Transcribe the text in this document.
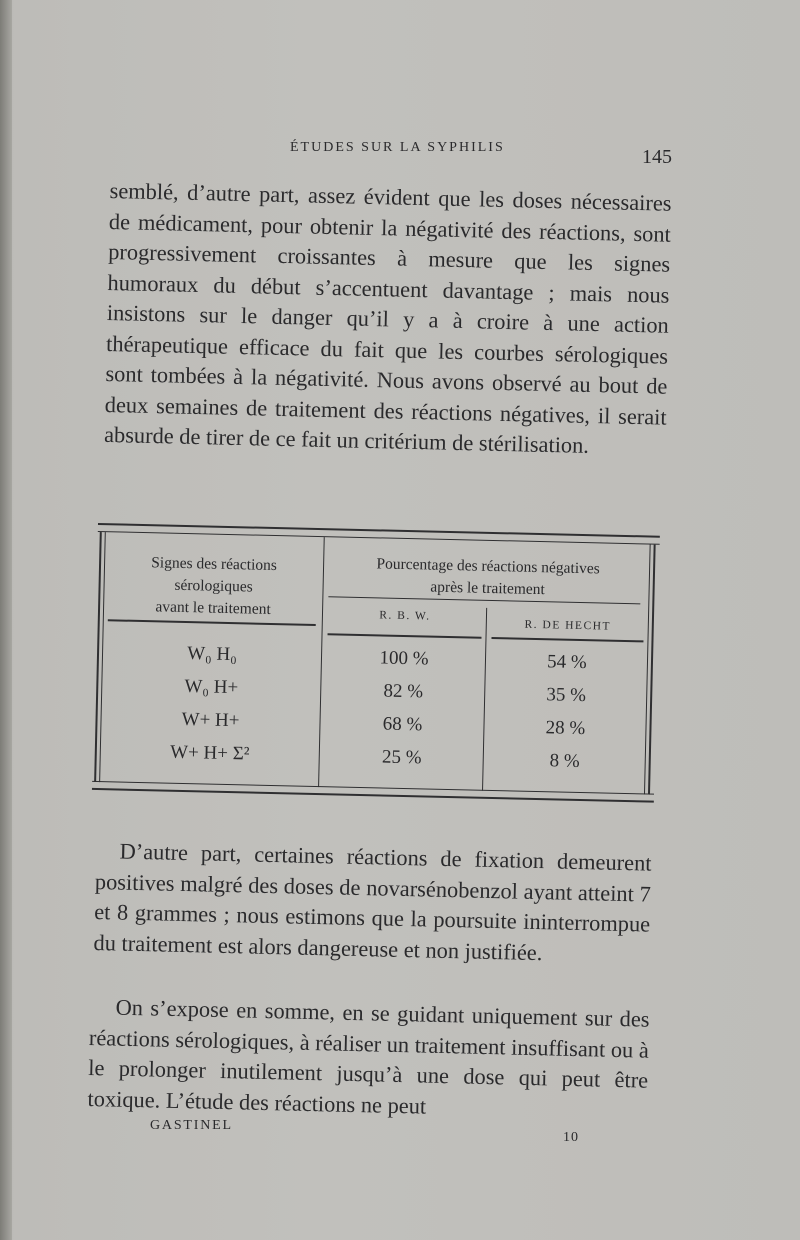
ÉTUDES SUR LA SYPHILIS	145

semblé, d’autre part, assez évident que les doses nécessaires de médicament, pour obtenir la négativité des réactions, sont progressivement croissantes à mesure que les signes humoraux du début s’accentuent davantage ; mais nous insistons sur le danger qu’il y a à croire à une action thérapeutique efficace du fait que les courbes sérologiques sont tombées à la négativité. Nous avons observé au bout de deux semaines de traitement des réactions négatives, il serait absurde de tirer de ce fait un critérium de stérilisation.

Signes des réactions
sérologiques
avant le traitement
Pourcentage des réactions négatives
après le traitement
R. B. W.
R. DE HECHT
W₀ H₀	100 %	54 %
W₀ H+	82 %	35 %
W+ H+	68 %	28 %
W+ H+ Σ²	25 %	8 %

D’autre part, certaines réactions de fixation demeurent positives malgré des doses de novarsénobenzol ayant atteint 7 et 8 grammes ; nous estimons que la poursuite ininterrompue du traitement est alors dangereuse et non justifiée.

On s’expose en somme, en se guidant uniquement sur des réactions sérologiques, à réaliser un traitement insuffisant ou à le prolonger inutilement jusqu’à une dose qui peut être toxique. L’étude des réactions ne peut

GASTINEL
10
